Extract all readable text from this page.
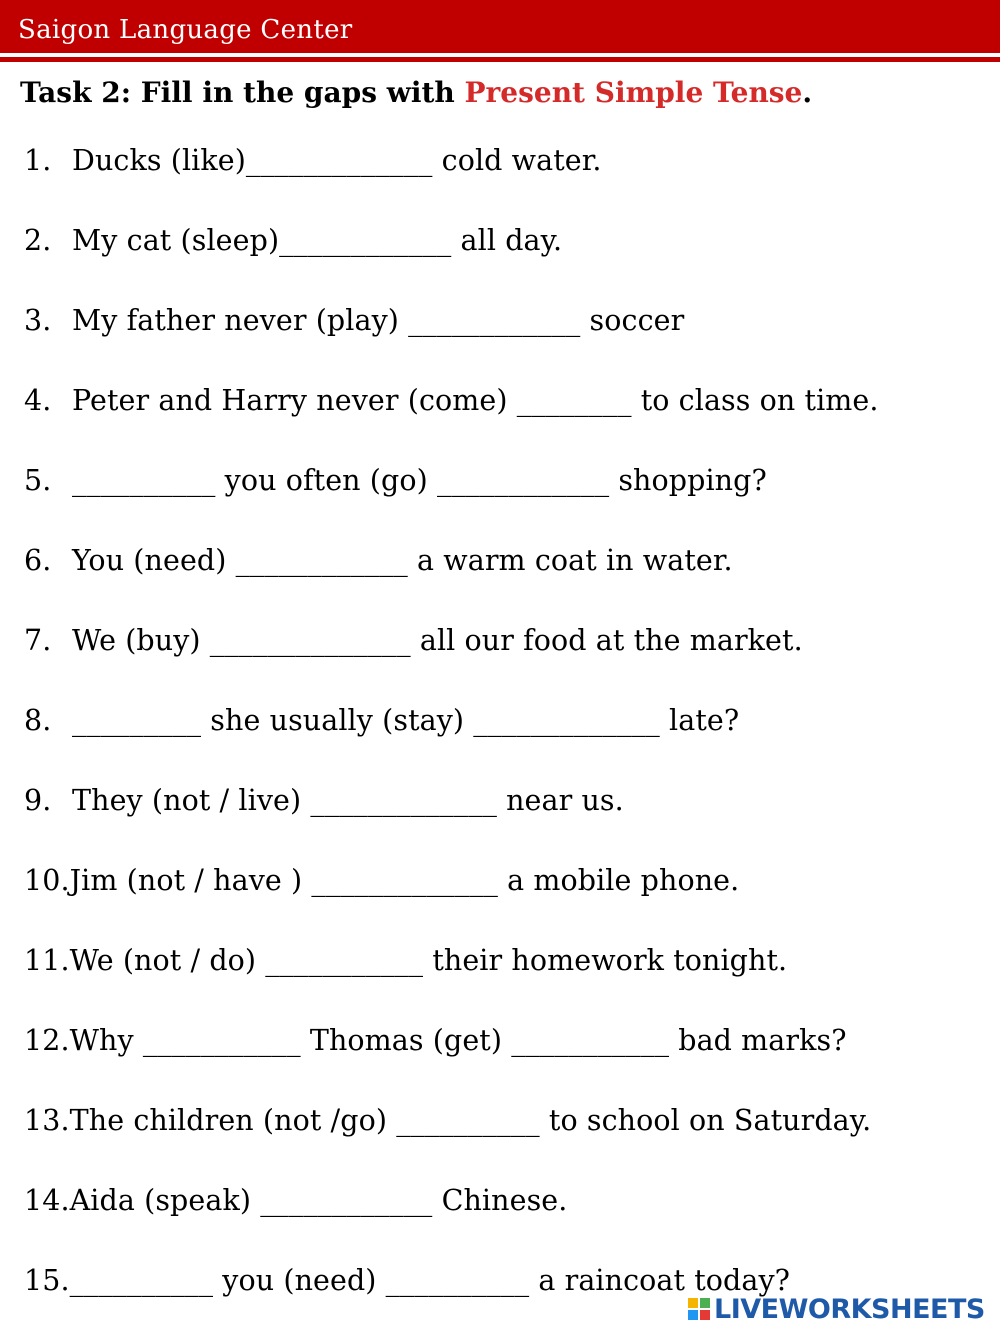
Saigon Language Center
Task 2: Fill in the gaps with Present Simple Tense.
1. Ducks (like)_____________ cold water.
2. My cat (sleep)____________ all day.
3. My father never (play) ____________ soccer
4. Peter and Harry never (come) ________ to class on time.
5. __________ you often (go) ____________ shopping?
6. You (need) ____________ a warm coat in water.
7. We (buy) ______________ all our food at the market.
8. _________ she usually (stay) _____________ late?
9. They (not / live) _____________ near us.
10.Jim (not / have ) _____________ a mobile phone.
11.We (not / do) ___________ their homework tonight.
12.Why ___________ Thomas (get) ___________ bad marks?
13.The children (not /go) __________ to school on Saturday.
14.Aida (speak) ____________ Chinese.
15.__________ you (need) __________ a raincoat today?
LIVEWORKSHEETS
